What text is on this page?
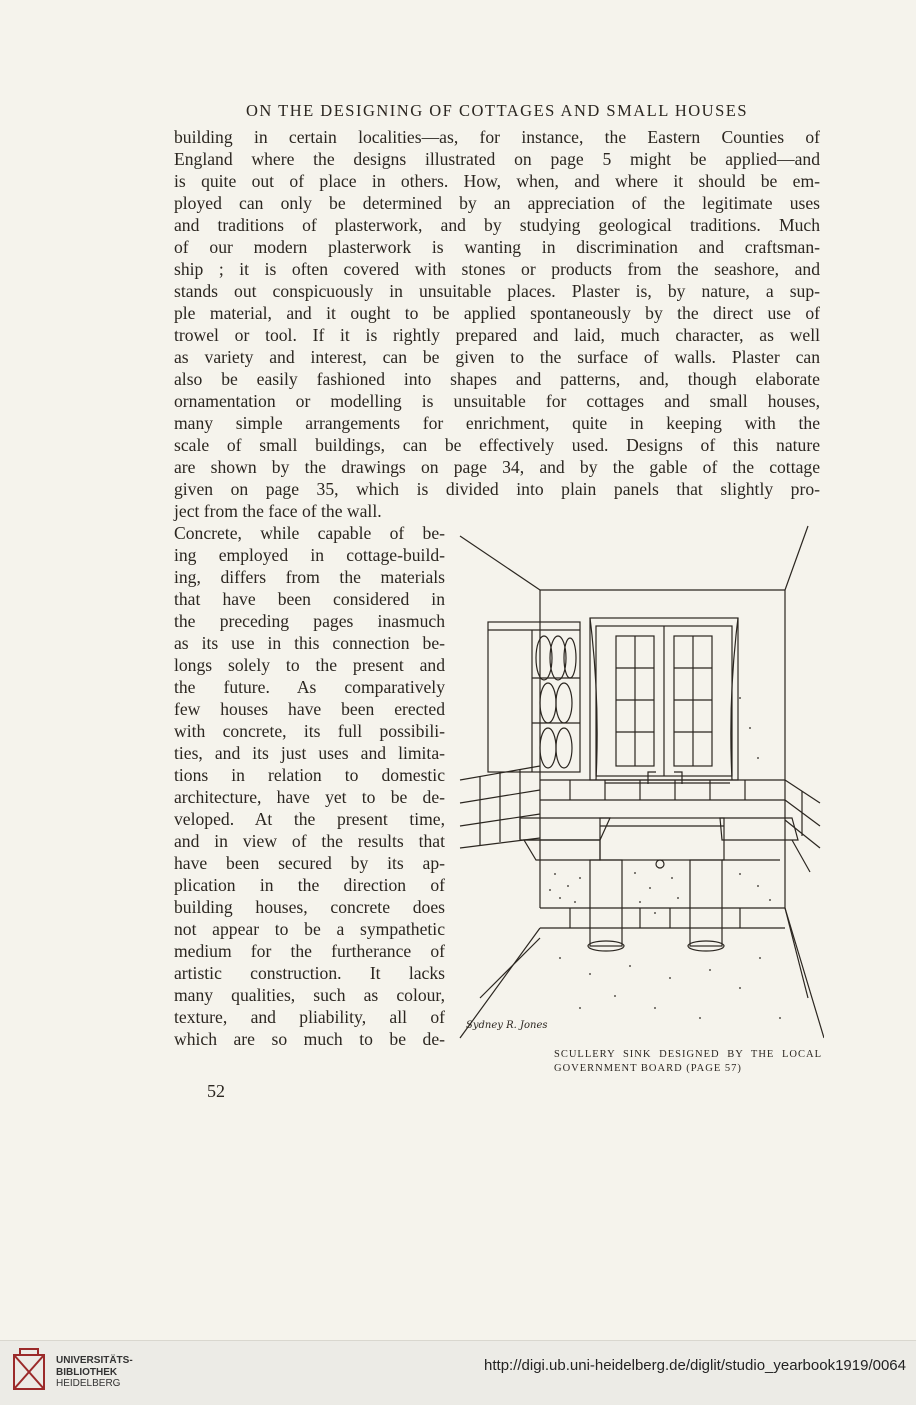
ON THE DESIGNING OF COTTAGES AND SMALL HOUSES
building in certain localities—as, for instance, the Eastern Counties of
England where the designs illustrated on page 5 might be applied—and
is quite out of place in others. How, when, and where it should be em-
ployed can only be determined by an appreciation of the legitimate uses
and traditions of plasterwork, and by studying geological traditions. Much
of our modern plasterwork is wanting in discrimination and craftsman-
ship ; it is often covered with stones or products from the seashore, and
stands out conspicuously in unsuitable places. Plaster is, by nature, a sup-
ple material, and it ought to be applied spontaneously by the direct use of
trowel or tool. If it is rightly prepared and laid, much character, as well
as variety and interest, can be given to the surface of walls. Plaster can
also be easily fashioned into shapes and patterns, and, though elaborate
ornamentation or modelling is unsuitable for cottages and small houses,
many simple arrangements for enrichment, quite in keeping with the
scale of small buildings, can be effectively used. Designs of this nature
are shown by the drawings on page 34, and by the gable of the cottage
given on page 35, which is divided into plain panels that slightly pro-
ject from the face of the wall.
Concrete, while capable of be-
ing employed in cottage-build-
ing, differs from the materials
that have been considered in
the preceding pages inasmuch
as its use in this connection be-
longs solely to the present and
the future. As comparatively
few houses have been erected
with concrete, its full possibili-
ties, and its just uses and limita-
tions in relation to domestic
architecture, have yet to be de-
veloped. At the present time,
and in view of the results that
have been secured by its ap-
plication in the direction of
building houses, concrete does
not appear to be a sympathetic
medium for the furtherance of
artistic construction. It lacks
many qualities, such as colour,
texture, and pliability, all of
which are so much to be de-
Sydney R. Jones
SCULLERY SINK DESIGNED BY THE LOCAL
GOVERNMENT BOARD (PAGE 57)
52
UNIVERSITÄTS-
BIBLIOTHEK
HEIDELBERG
http://digi.ub.uni-heidelberg.de/diglit/studio_yearbook1919/0064
